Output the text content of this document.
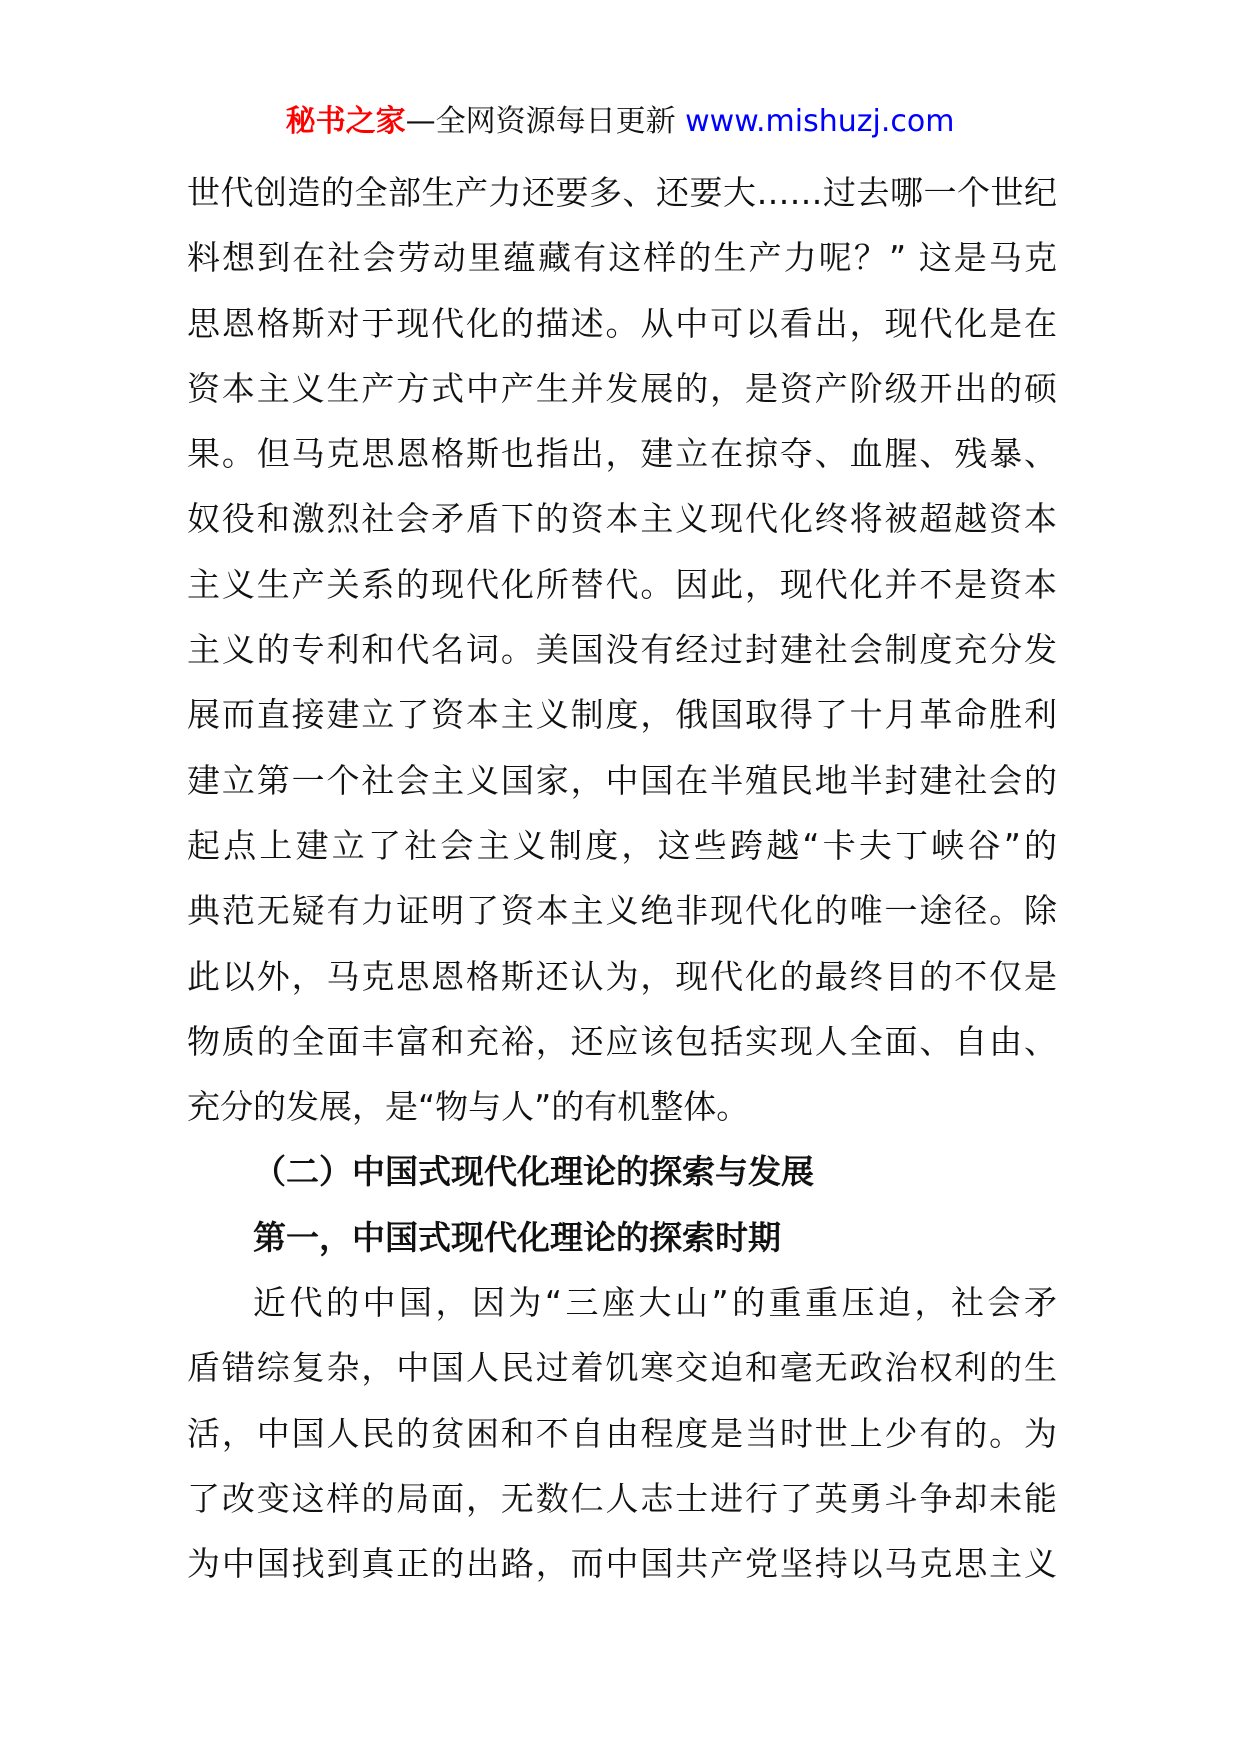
秘书之家—全网资源每日更新 www.mishuzj.com
世代创造的全部生产力还要多、还要大……过去哪一个世纪
料想到在社会劳动里蕴藏有这样的生产力呢？” 这是马克
思恩格斯对于现代化的描述。从中可以看出，现代化是在
资本主义生产方式中产生并发展的，是资产阶级开出的硕
果。但马克思恩格斯也指出，建立在掠夺、血腥、残暴、
奴役和激烈社会矛盾下的资本主义现代化终将被超越资本
主义生产关系的现代化所替代。因此，现代化并不是资本
主义的专利和代名词。美国没有经过封建社会制度充分发
展而直接建立了资本主义制度，俄国取得了十月革命胜利
建立第一个社会主义国家，中国在半殖民地半封建社会的
起点上建立了社会主义制度，这些跨越“卡夫丁峡谷”的
典范无疑有力证明了资本主义绝非现代化的唯一途径。除
此以外，马克思恩格斯还认为，现代化的最终目的不仅是
物质的全面丰富和充裕，还应该包括实现人全面、自由、
充分的发展，是“物与人”的有机整体。
（二）中国式现代化理论的探索与发展
第一，中国式现代化理论的探索时期
近代的中国，因为“三座大山”的重重压迫，社会矛
盾错综复杂，中国人民过着饥寒交迫和毫无政治权利的生
活，中国人民的贫困和不自由程度是当时世上少有的。为
了改变这样的局面，无数仁人志士进行了英勇斗争却未能
为中国找到真正的出路，而中国共产党坚持以马克思主义
